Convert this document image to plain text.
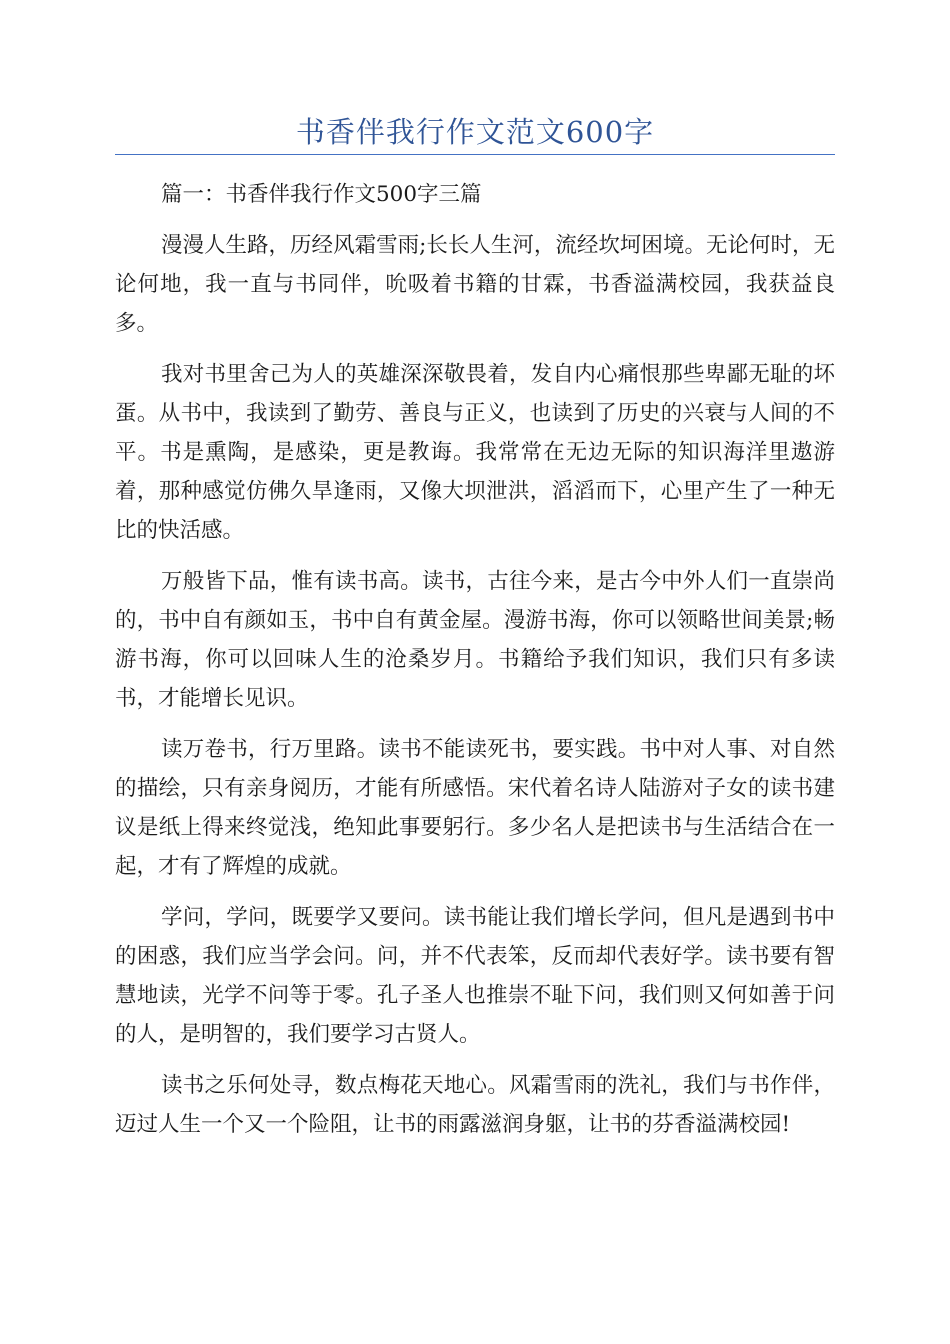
书香伴我行作文范文600字

篇一：书香伴我行作文500字三篇

漫漫人生路，历经风霜雪雨;长长人生河，流经坎坷困境。无论何时，无论何地，我一直与书同伴，吮吸着书籍的甘霖，书香溢满校园，我获益良多。

我对书里舍己为人的英雄深深敬畏着，发自内心痛恨那些卑鄙无耻的坏蛋。从书中，我读到了勤劳、善良与正义，也读到了历史的兴衰与人间的不平。书是熏陶，是感染，更是教诲。我常常在无边无际的知识海洋里遨游着，那种感觉仿佛久旱逢雨，又像大坝泄洪，滔滔而下，心里产生了一种无比的快活感。

万般皆下品，惟有读书高。读书，古往今来，是古今中外人们一直崇尚的，书中自有颜如玉，书中自有黄金屋。漫游书海，你可以领略世间美景;畅游书海，你可以回味人生的沧桑岁月。书籍给予我们知识，我们只有多读书，才能增长见识。

读万卷书，行万里路。读书不能读死书，要实践。书中对人事、对自然的描绘，只有亲身阅历，才能有所感悟。宋代着名诗人陆游对子女的读书建议是纸上得来终觉浅，绝知此事要躬行。多少名人是把读书与生活结合在一起，才有了辉煌的成就。

学问，学问，既要学又要问。读书能让我们增长学问，但凡是遇到书中的困惑，我们应当学会问。问，并不代表笨，反而却代表好学。读书要有智慧地读，光学不问等于零。孔子圣人也推崇不耻下问，我们则又何如善于问的人，是明智的，我们要学习古贤人。

读书之乐何处寻，数点梅花天地心。风霜雪雨的洗礼，我们与书作伴，迈过人生一个又一个险阻，让书的雨露滋润身躯，让书的芬香溢满校园!
